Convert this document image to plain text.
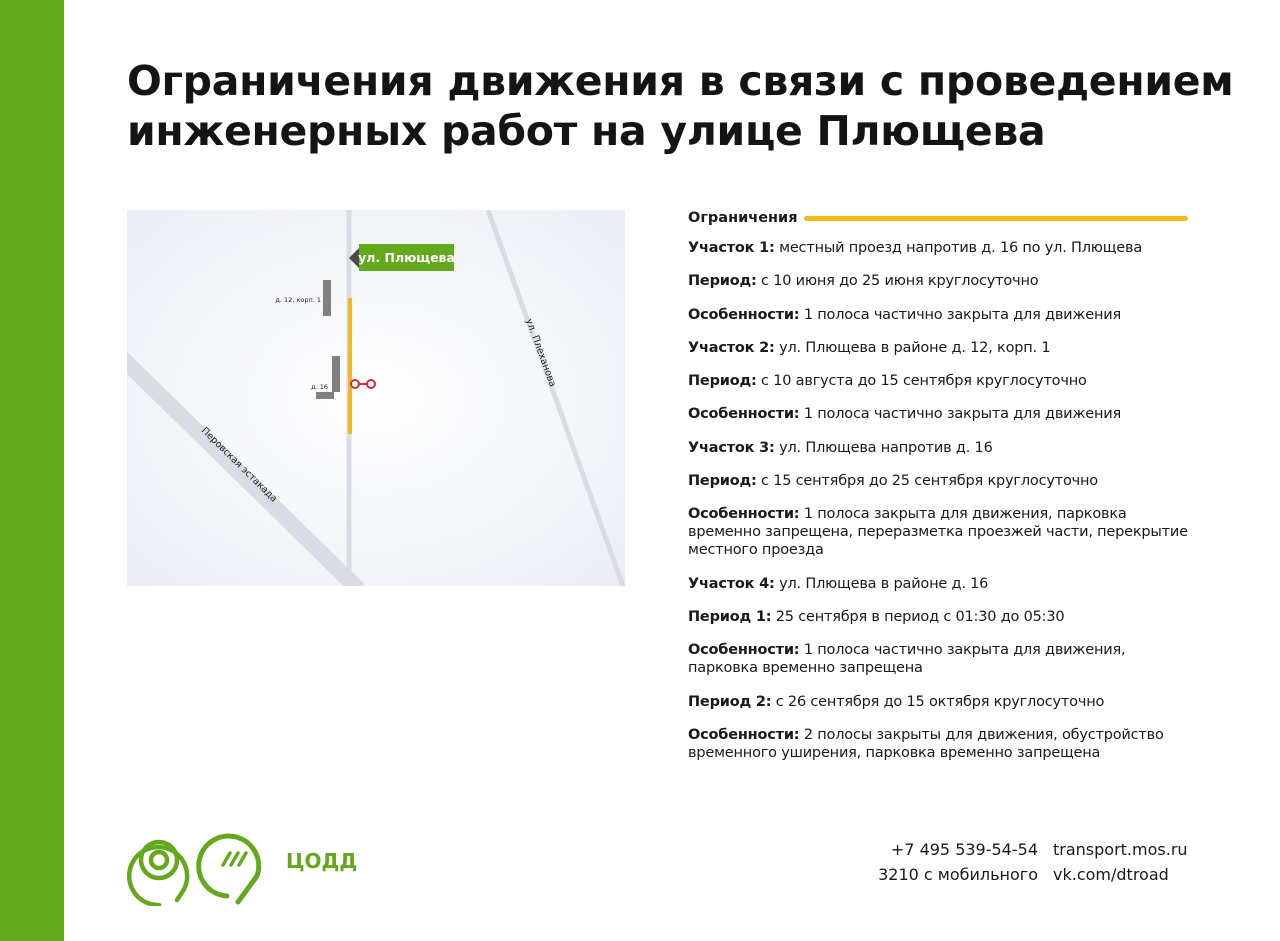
Ограничения движения в связи с проведением инженерных работ на улице Плющева
ул. Плющева
д. 12, корп. 1
д. 16	ул. Плеханова
Перовская эстакада
Ограничения

Участок 1: местный проезд напротив д. 16 по ул. Плющева

Период: с 10 июня до 25 июня круглосуточно

Особенности: 1 полоса частично закрыта для движения

Участок 2: ул. Плющева в районе д. 12, корп. 1

Период: с 10 августа до 15 сентября круглосуточно

Особенности: 1 полоса частично закрыта для движения

Участок 3: ул. Плющева напротив д. 16

Период: с 15 сентября до 25 сентября круглосуточно

Особенности: 1 полоса закрыта для движения, парковка временно запрещена, переразметка проезжей части, перекрытие местного проезда

Участок 4: ул. Плющева в районе д. 16

Период 1: 25 сентября в период с 01:30 до 05:30

Особенности: 1 полоса частично закрыта для движения, парковка временно запрещена

Период 2: с 26 сентября до 15 октября круглосуточно

Особенности: 2 полосы закрыты для движения, обустройство временного уширения, парковка временно запрещена

ЦОДД	+7 495 539-54-54
3210 с мобильного
transport.mos.ru
vk.com/dtroad
